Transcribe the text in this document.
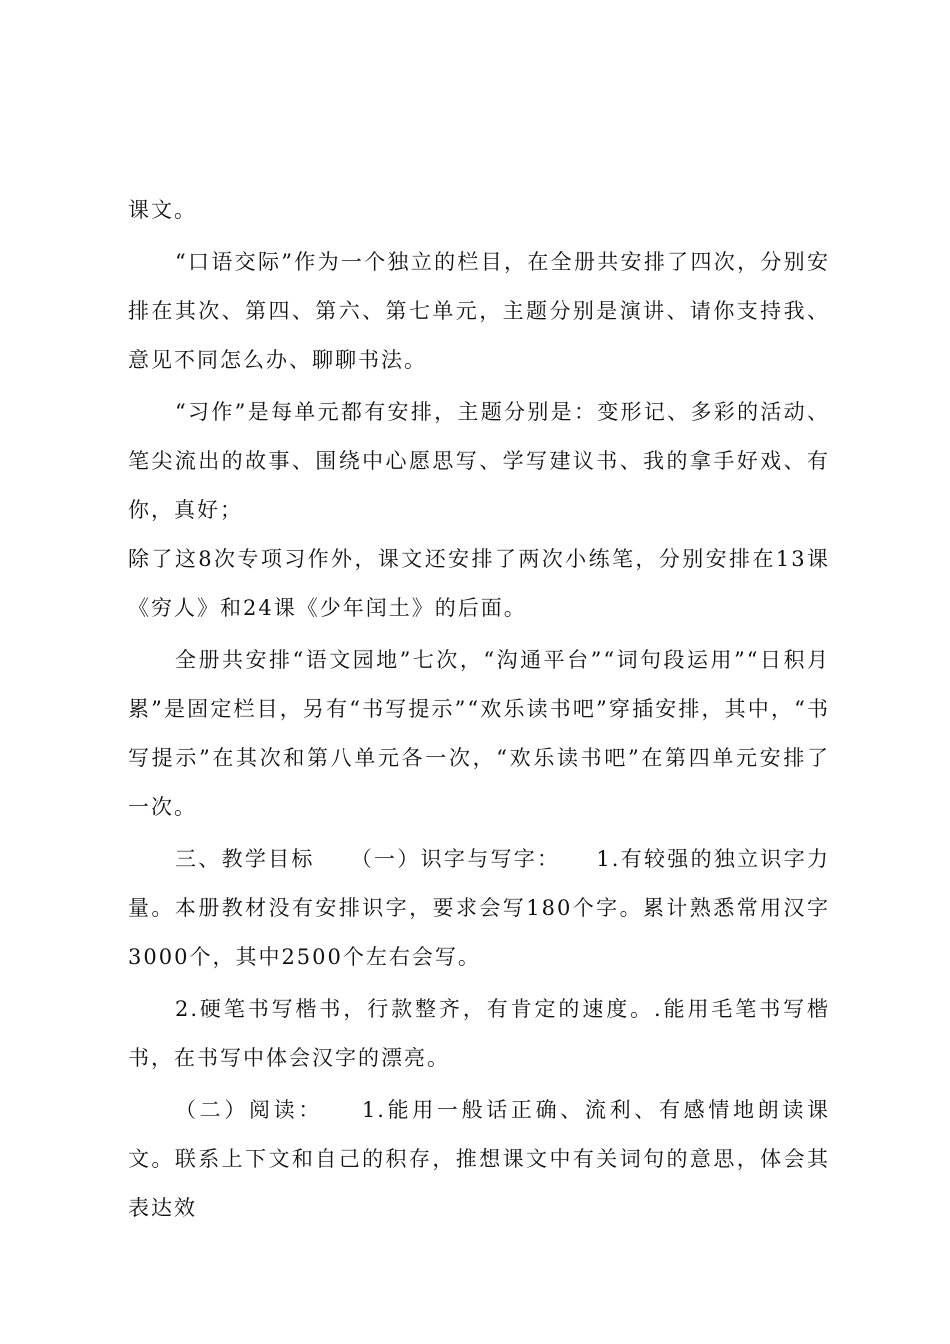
课文。

“口语交际”作为一个独立的栏目，在全册共安排了四次，分别安排在其次、第四、第六、第七单元，主题分别是演讲、请你支持我、意见不同怎么办、聊聊书法。

“习作”是每单元都有安排，主题分别是：变形记、多彩的活动、笔尖流出的故事、围绕中心愿思写、学写建议书、我的拿手好戏、有你，真好；

除了这8次专项习作外，课文还安排了两次小练笔，分别安排在13课《穷人》和24课《少年闰土》的后面。

全册共安排“语文园地”七次，“沟通平台”“词句段运用”“日积月累”是固定栏目，另有“书写提示”“欢乐读书吧”穿插安排，其中，“书写提示”在其次和第八单元各一次，“欢乐读书吧”在第四单元安排了一次。

三、教学目标　　（一）识字与写字：　　1.有较强的独立识字力量。本册教材没有安排识字，要求会写180个字。累计熟悉常用汉字3000个，其中2500个左右会写。

2.硬笔书写楷书，行款整齐，有肯定的速度。.能用毛笔书写楷书，在书写中体会汉字的漂亮。

（二）阅读：　　1.能用一般话正确、流利、有感情地朗读课文。联系上下文和自己的积存，推想课文中有关词句的意思，体会其表达效
